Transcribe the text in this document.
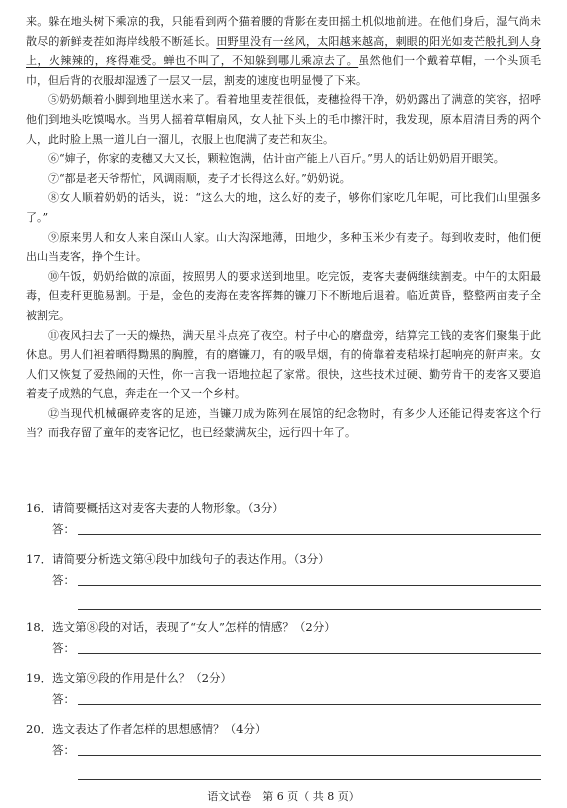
来。躲在地头树下乘凉的我，只能看到两个猫着腰的背影在麦田摇土机似地前进。在他们身后，湿气尚未散尽的新鲜麦茬如海岸线般不断延长。田野里没有一丝风，太阳越来越高，刺眼的阳光如麦芒般扎到人身上，火辣辣的，疼得难受。蝉也不叫了，不知躲到哪儿乘凉去了。虽然他们一个戴着草帽，一个头顶毛巾，但后背的衣服却湿透了一层又一层，割麦的速度也明显慢了下来。

⑤奶奶颠着小脚到地里送水来了。看着地里麦茬很低，麦穗捡得干净，奶奶露出了满意的笑容，招呼他们到地头吃馍喝水。当男人摇着草帽扇风，女人扯下头上的毛巾擦汗时，我发现，原本眉清目秀的两个人，此时脸上黑一道儿白一溜儿，衣服上也爬满了麦芒和灰尘。

⑥“婶子，你家的麦穗又大又长，颗粒饱满，估计亩产能上八百斤。”男人的话让奶奶眉开眼笑。

⑦“都是老天爷帮忙，风调雨顺，麦子才长得这么好。”奶奶说。

⑧女人顺着奶奶的话头，说：“这么大的地，这么好的麦子，够你们家吃几年呢，可比我们山里强多了。”

⑨原来男人和女人来自深山人家。山大沟深地薄，田地少，多种玉米少有麦子。每到收麦时，他们便出山当麦客，挣个生计。

⑩午饭，奶奶给做的凉面，按照男人的要求送到地里。吃完饭，麦客夫妻俩继续割麦。中午的太阳最毒，但麦秆更脆易割。于是，金色的麦海在麦客挥舞的镰刀下不断地后退着。临近黄昏，整整两亩麦子全被割完。

⑪夜风扫去了一天的燥热，满天星斗点亮了夜空。村子中心的磨盘旁，结算完工钱的麦客们聚集于此休息。男人们袒着晒得黝黑的胸膛，有的磨镰刀，有的吸旱烟，有的倚靠着麦秸垛打起响亮的鼾声来。女人们又恢复了爱热闹的天性，你一言我一语地拉起了家常。很快，这些技术过硬、勤劳肯干的麦客又要追着麦子成熟的气息，奔走在一个又一个乡村。

⑫当现代机械碾碎麦客的足迹，当镰刀成为陈列在展馆的纪念物时，有多少人还能记得麦客这个行当？而我存留了童年的麦客记忆，也已经蒙满灰尘，远行四十年了。

16．请简要概括这对麦客夫妻的人物形象。（3分）
答：
17．请简要分析选文第④段中加线句子的表达作用。（3分）
答：
18．选文第⑧段的对话，表现了“女人”怎样的情感？（2分）
答：
19．选文第⑨段的作用是什么？（2分）
答：
20．选文表达了作者怎样的思想感情？（4分）
答：
语文试卷　第 6 页（ 共 8 页）
